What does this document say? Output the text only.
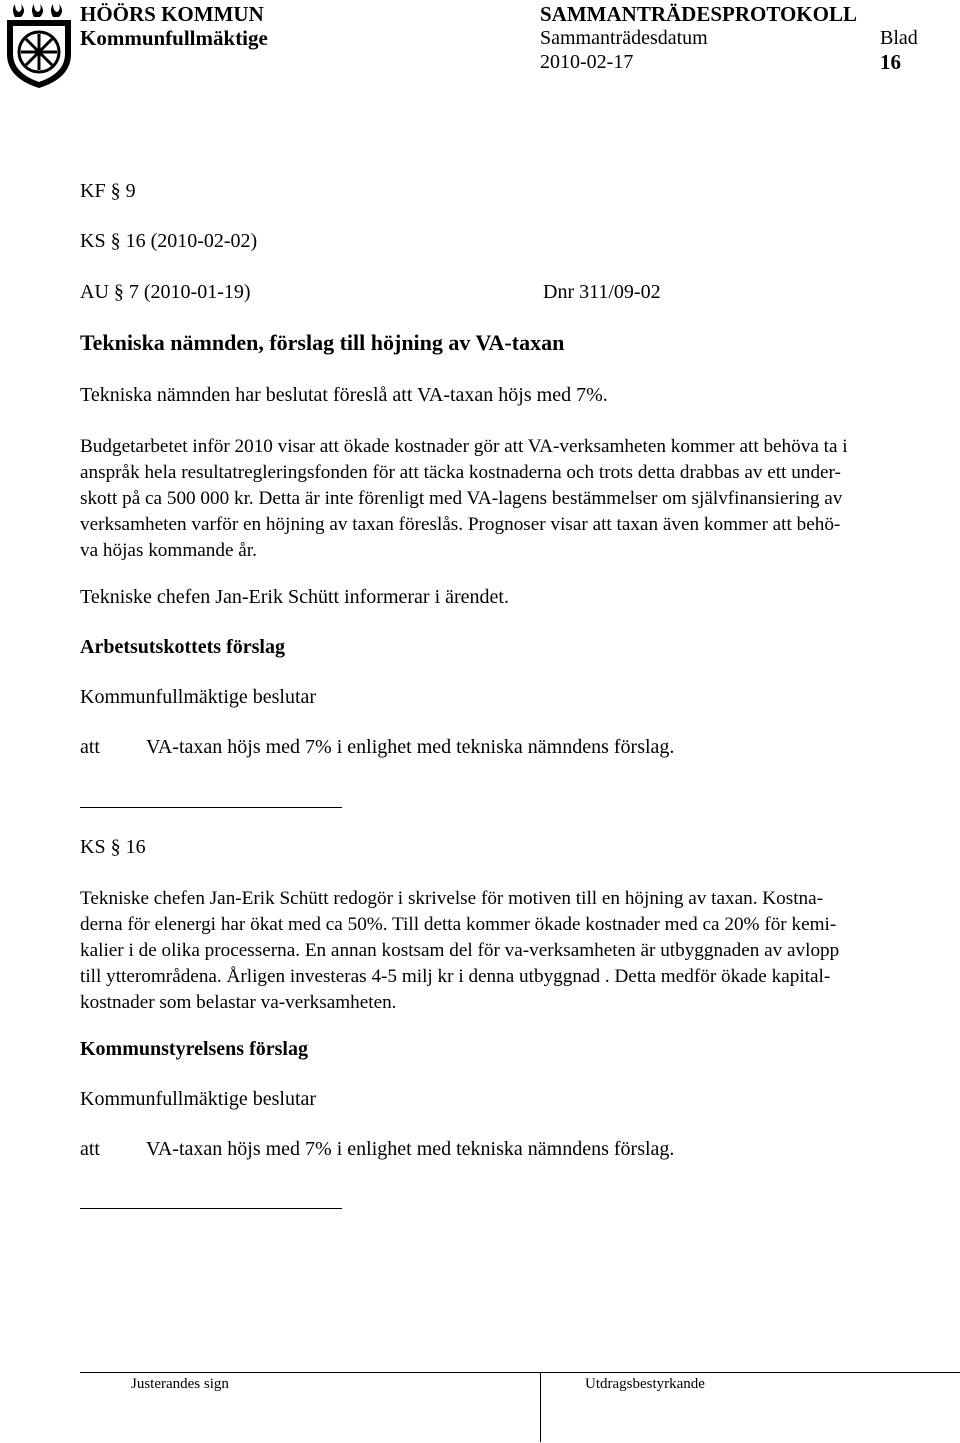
HÖÖRS KOMMUN
Kommunfullmäktige
SAMMANTRÄDESPROTOKOLL
Sammanträdesdatum	Blad
2010-02-17	16
KF § 9
KS § 16 (2010-02-02)
AU § 7 (2010-01-19)	Dnr 311/09-02
Tekniska nämnden, förslag till höjning av VA-taxan
Tekniska nämnden har beslutat föreslå att VA-taxan höjs med 7%.
Budgetarbetet inför 2010 visar att ökade kostnader gör att VA-verksamheten kommer att behöva ta i
anspråk hela resultatregleringsfonden för att täcka kostnaderna och trots detta drabbas av ett under-
skott på ca 500 000 kr. Detta är inte förenligt med VA-lagens bestämmelser om självfinansiering av
verksamheten varför en höjning av taxan föreslås. Prognoser visar att taxan även kommer att behö-
va höjas kommande år.
Tekniske chefen Jan-Erik Schütt informerar i ärendet.
Arbetsutskottets förslag
Kommunfullmäktige beslutar
att VA-taxan höjs med 7% i enlighet med tekniska nämndens förslag.
KS § 16
Tekniske chefen Jan-Erik Schütt redogör i skrivelse för motiven till en höjning av taxan. Kostna-
derna för elenergi har ökat med ca 50%. Till detta kommer ökade kostnader med ca 20% för kemi-
kalier i de olika processerna. En annan kostsam del för va-verksamheten är utbyggnaden av avlopp
till ytterområdena. Årligen investeras 4-5 milj kr i denna utbyggnad . Detta medför ökade kapital-
kostnader som belastar va-verksamheten.
Kommunstyrelsens förslag
Kommunfullmäktige beslutar
att VA-taxan höjs med 7% i enlighet med tekniska nämndens förslag.
Justerandes sign	Utdragsbestyrkande
